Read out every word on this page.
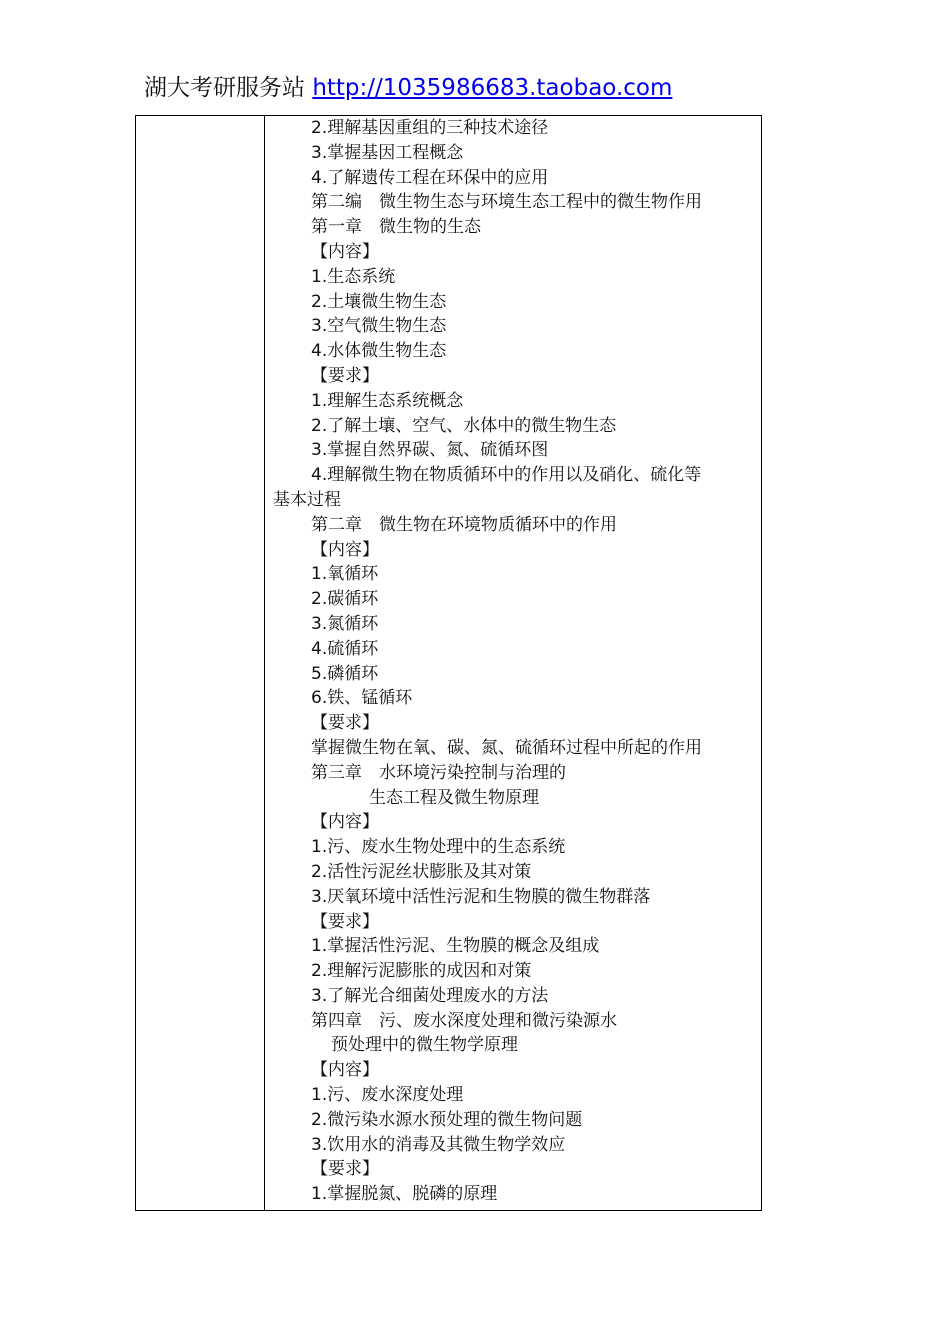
湖大考研服务站 http://1035986683.taobao.com
2.理解基因重组的三种技术途径
3.掌握基因工程概念
4.了解遗传工程在环保中的应用
第二编　微生物生态与环境生态工程中的微生物作用
第一章　微生物的生态
【内容】
1.生态系统
2.土壤微生物生态
3.空气微生物生态
4.水体微生物生态
【要求】
1.理解生态系统概念
2.了解土壤、空气、水体中的微生物生态
3.掌握自然界碳、氮、硫循环图
4.理解微生物在物质循环中的作用以及硝化、硫化等
基本过程
第二章　微生物在环境物质循环中的作用
【内容】
1.氧循环
2.碳循环
3.氮循环
4.硫循环
5.磷循环
6.铁、锰循环
【要求】
掌握微生物在氧、碳、氮、硫循环过程中所起的作用
第三章　水环境污染控制与治理的
生态工程及微生物原理
【内容】
1.污、废水生物处理中的生态系统
2.活性污泥丝状膨胀及其对策
3.厌氧环境中活性污泥和生物膜的微生物群落
【要求】
1.掌握活性污泥、生物膜的概念及组成
2.理解污泥膨胀的成因和对策
3.了解光合细菌处理废水的方法
第四章　污、废水深度处理和微污染源水
预处理中的微生物学原理
【内容】
1.污、废水深度处理
2.微污染水源水预处理的微生物问题
3.饮用水的消毒及其微生物学效应
【要求】
1.掌握脱氮、脱磷的原理
